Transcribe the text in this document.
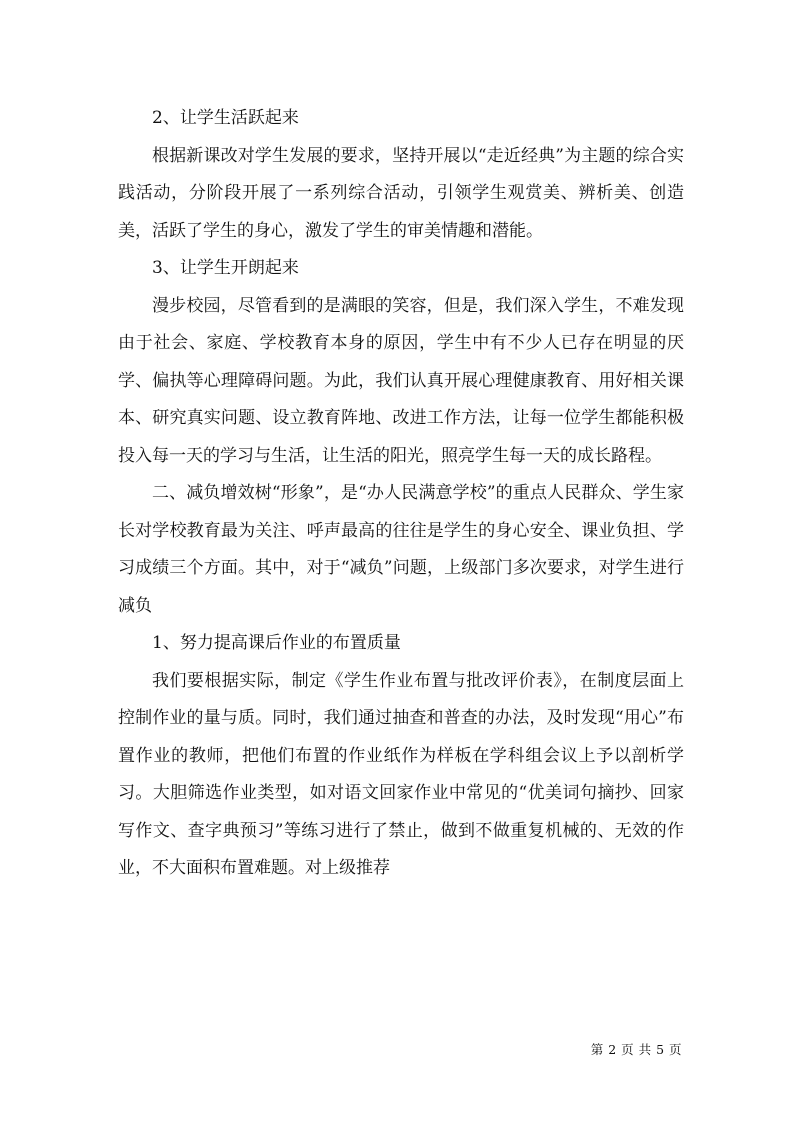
2、让学生活跃起来

根据新课改对学生发展的要求，坚持开展以“走近经典”为主题的综合实践活动，分阶段开展了一系列综合活动，引领学生观赏美、辨析美、创造美，活跃了学生的身心，激发了学生的审美情趣和潜能。

3、让学生开朗起来

漫步校园，尽管看到的是满眼的笑容，但是，我们深入学生，不难发现由于社会、家庭、学校教育本身的原因，学生中有不少人已存在明显的厌学、偏执等心理障碍问题。为此，我们认真开展心理健康教育、用好相关课本、研究真实问题、设立教育阵地、改进工作方法，让每一位学生都能积极投入每一天的学习与生活，让生活的阳光，照亮学生每一天的成长路程。

二、减负增效树“形象”，是“办人民满意学校”的重点人民群众、学生家长对学校教育最为关注、呼声最高的往往是学生的身心安全、课业负担、学习成绩三个方面。其中，对于“减负”问题，上级部门多次要求，对学生进行减负

1、努力提高课后作业的布置质量

我们要根据实际，制定《学生作业布置与批改评价表》，在制度层面上控制作业的量与质。同时，我们通过抽查和普查的办法，及时发现“用心”布置作业的教师，把他们布置的作业纸作为样板在学科组会议上予以剖析学习。大胆筛选作业类型，如对语文回家作业中常见的“优美词句摘抄、回家写作文、查字典预习”等练习进行了禁止，做到不做重复机械的、无效的作业，不大面积布置难题。对上级推荐

第 2 页 共 5 页
